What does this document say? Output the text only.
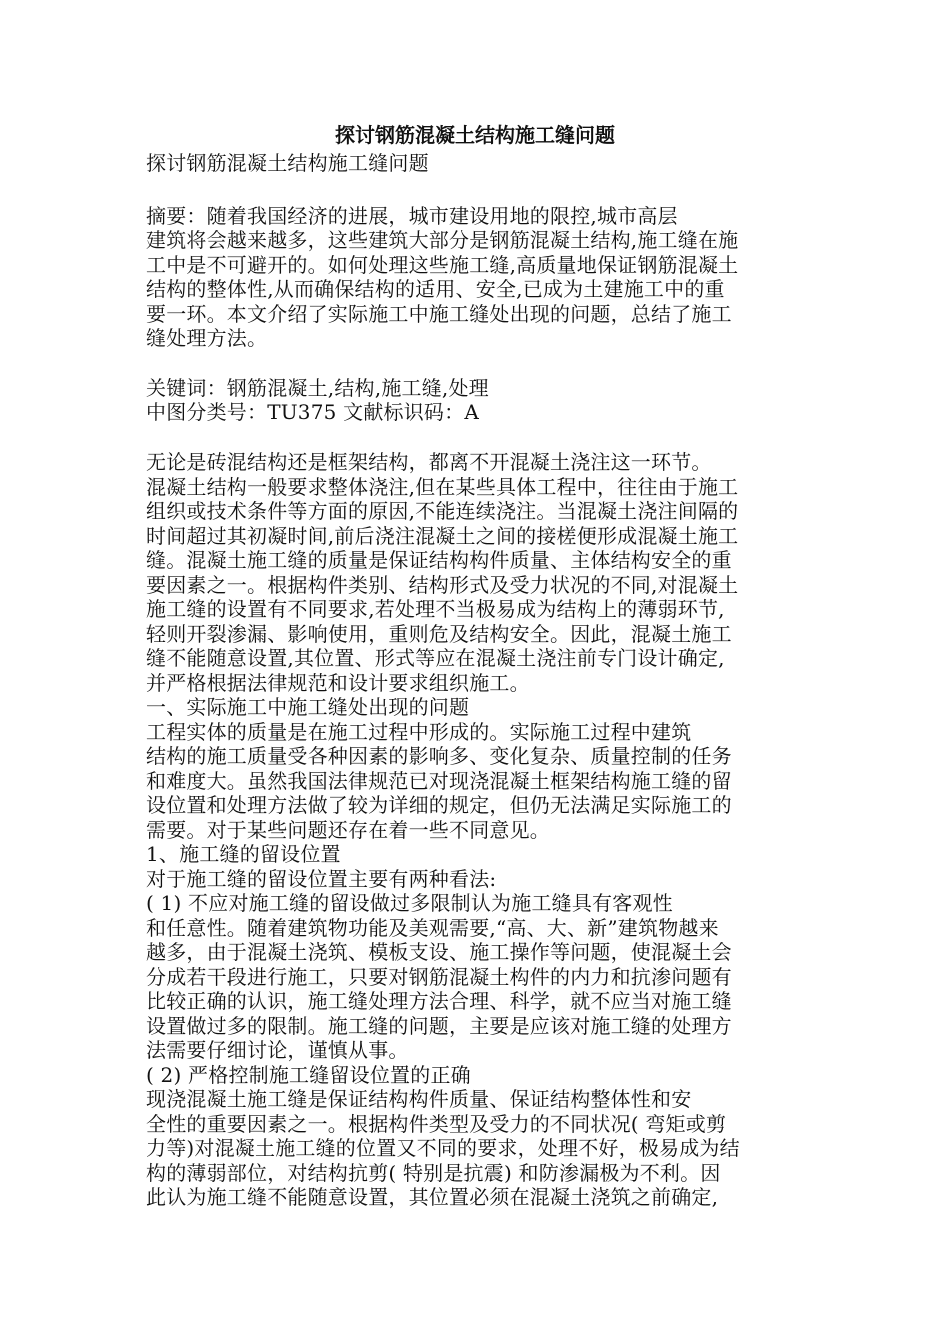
探讨钢筋混凝土结构施工缝问题
探讨钢筋混凝土结构施工缝问题
摘要：随着我国经济的进展，城市建设用地的限控,城市高层
建筑将会越来越多，这些建筑大部分是钢筋混凝土结构,施工缝在施
工中是不可避开的。如何处理这些施工缝,高质量地保证钢筋混凝土
结构的整体性,从而确保结构的适用、安全,已成为土建施工中的重
要一环。本文介绍了实际施工中施工缝处出现的问题，总结了施工
缝处理方法。
关键词：钢筋混凝土,结构,施工缝,处理
中图分类号：TU375 文献标识码：A
无论是砖混结构还是框架结构，都离不开混凝土浇注这一环节。
混凝土结构一般要求整体浇注,但在某些具体工程中，往往由于施工
组织或技术条件等方面的原因,不能连续浇注。当混凝土浇注间隔的
时间超过其初凝时间,前后浇注混凝土之间的接槎便形成混凝土施工
缝。混凝土施工缝的质量是保证结构构件质量、主体结构安全的重
要因素之一。根据构件类别、结构形式及受力状况的不同,对混凝土
施工缝的设置有不同要求,若处理不当极易成为结构上的薄弱环节,
轻则开裂渗漏、影响使用，重则危及结构安全。因此，混凝土施工
缝不能随意设置,其位置、形式等应在混凝土浇注前专门设计确定,
并严格根据法律规范和设计要求组织施工。
一、实际施工中施工缝处出现的问题
工程实体的质量是在施工过程中形成的。实际施工过程中建筑
结构的施工质量受各种因素的影响多、变化复杂、质量控制的任务
和难度大。虽然我国法律规范已对现浇混凝土框架结构施工缝的留
设位置和处理方法做了较为详细的规定，但仍无法满足实际施工的
需要。对于某些问题还存在着一些不同意见。
1、施工缝的留设位置
对于施工缝的留设位置主要有两种看法:
( 1) 不应对施工缝的留设做过多限制认为施工缝具有客观性
和任意性。随着建筑物功能及美观需要,“高、大、新”建筑物越来
越多，由于混凝土浇筑、模板支设、施工操作等问题，使混凝土会
分成若干段进行施工，只要对钢筋混凝土构件的内力和抗渗问题有
比较正确的认识，施工缝处理方法合理、科学，就不应当对施工缝
设置做过多的限制。施工缝的问题，主要是应该对施工缝的处理方
法需要仔细讨论，谨慎从事。
( 2) 严格控制施工缝留设位置的正确
现浇混凝土施工缝是保证结构构件质量、保证结构整体性和安
全性的重要因素之一。根据构件类型及受力的不同状况( 弯矩或剪
力等)对混凝土施工缝的位置又不同的要求，处理不好，极易成为结
构的薄弱部位，对结构抗剪( 特别是抗震) 和防渗漏极为不利。因
此认为施工缝不能随意设置，其位置必须在混凝土浇筑之前确定,
